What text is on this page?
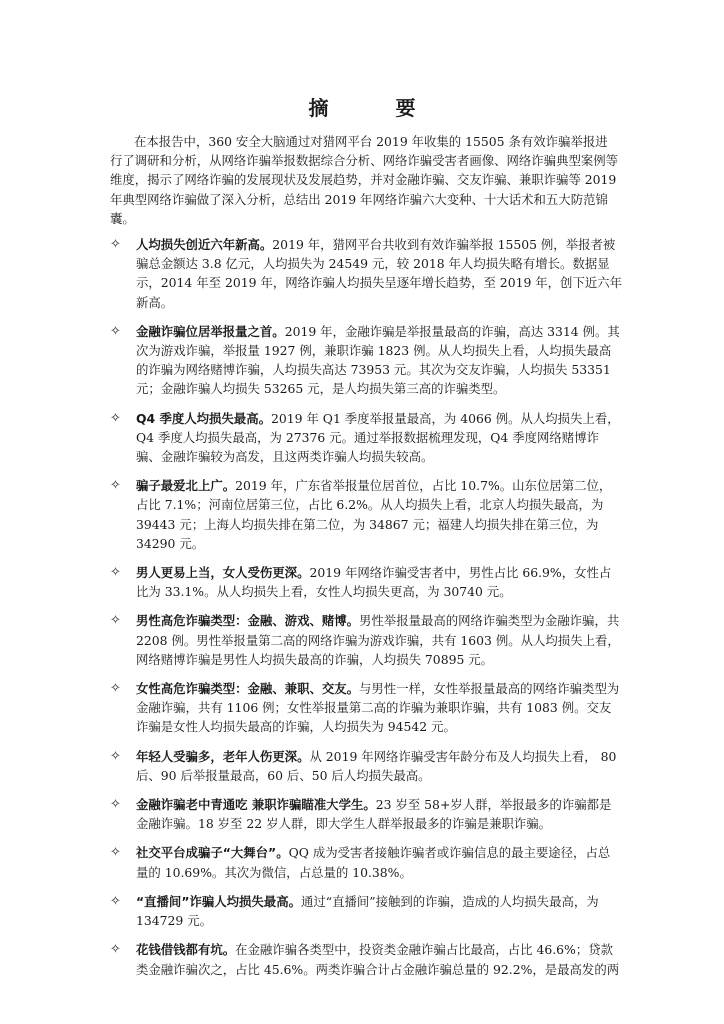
摘 要

在本报告中，360 安全大脑通过对猎网平台 2019 年收集的 15505 条有效诈骗举报进行了调研和分析，从网络诈骗举报数据综合分析、网络诈骗受害者画像、网络诈骗典型案例等维度，揭示了网络诈骗的发展现状及发展趋势，并对金融诈骗、交友诈骗、兼职诈骗等 2019 年典型网络诈骗做了深入分析，总结出 2019 年网络诈骗六大变种、十大话术和五大防范锦囊。

✧ 人均损失创近六年新高。2019 年，猎网平台共收到有效诈骗举报 15505 例，举报者被骗总金额达 3.8 亿元，人均损失为 24549 元，较 2018 年人均损失略有增长。数据显示，2014 年至 2019 年，网络诈骗人均损失呈逐年增长趋势，至 2019 年，创下近六年新高。
✧ 金融诈骗位居举报量之首。2019 年，金融诈骗是举报量最高的诈骗，高达 3314 例。其次为游戏诈骗，举报量 1927 例，兼职诈骗 1823 例。从人均损失上看，人均损失最高的诈骗为网络赌博诈骗，人均损失高达 73953 元。其次为交友诈骗，人均损失 53351 元；金融诈骗人均损失 53265 元，是人均损失第三高的诈骗类型。
✧ Q4 季度人均损失最高。2019 年 Q1 季度举报量最高，为 4066 例。从人均损失上看，Q4 季度人均损失最高，为 27376 元。通过举报数据梳理发现，Q4 季度网络赌博诈骗、金融诈骗较为高发，且这两类诈骗人均损失较高。
✧ 骗子最爱北上广。2019 年，广东省举报量位居首位，占比 10.7%。山东位居第二位，占比 7.1%；河南位居第三位，占比 6.2%。从人均损失上看，北京人均损失最高，为 39443 元；上海人均损失排在第二位，为 34867 元；福建人均损失排在第三位，为 34290 元。
✧ 男人更易上当，女人受伤更深。2019 年网络诈骗受害者中，男性占比 66.9%，女性占比为 33.1%。从人均损失上看，女性人均损失更高，为 30740 元。
✧ 男性高危诈骗类型：金融、游戏、赌博。男性举报量最高的网络诈骗类型为金融诈骗，共 2208 例。男性举报量第二高的网络诈骗为游戏诈骗，共有 1603 例。从人均损失上看，网络赌博诈骗是男性人均损失最高的诈骗，人均损失 70895 元。
✧ 女性高危诈骗类型：金融、兼职、交友。与男性一样，女性举报量最高的网络诈骗类型为金融诈骗，共有 1106 例；女性举报量第二高的诈骗为兼职诈骗，共有 1083 例。交友诈骗是女性人均损失最高的诈骗，人均损失为 94542 元。
✧ 年轻人受骗多，老年人伤更深。从 2019 年网络诈骗受害年龄分布及人均损失上看， 80 后、90 后举报量最高，60 后、50 后人均损失最高。
✧ 金融诈骗老中青通吃 兼职诈骗瞄准大学生。23 岁至 58+岁人群，举报最多的诈骗都是金融诈骗。18 岁至 22 岁人群，即大学生人群举报最多的诈骗是兼职诈骗。
✧ 社交平台成骗子“大舞台”。QQ 成为受害者接触诈骗者或诈骗信息的最主要途径，占总量的 10.69%。其次为微信，占总量的 10.38%。
✧ “直播间”诈骗人均损失最高。通过“直播间”接触到的诈骗，造成的人均损失最高，为 134729 元。
✧ 花钱借钱都有坑。在金融诈骗各类型中，投资类金融诈骗占比最高，占比 46.6%；贷款类金融诈骗次之，占比 45.6%。两类诈骗合计占金融诈骗总量的 92.2%，是最高发的两
